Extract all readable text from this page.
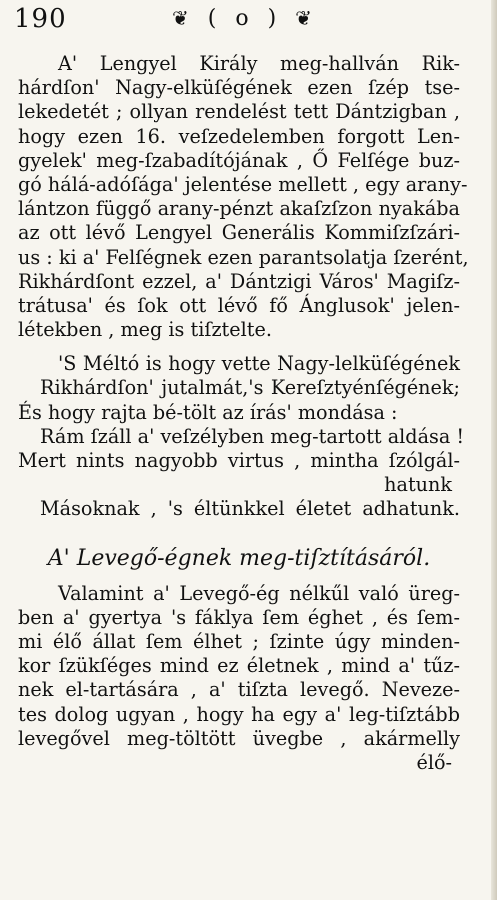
190	❦ ( o ) ❦
A' Lengyel Király meg-hallván Rik-
hárdſon' Nagy-elküſégének ezen ſzép tse-
lekedetét ; ollyan rendelést tett Dántzigban ,
hogy ezen 16. veſzedelemben forgott Len-
gyelek' meg-ſzabadítójának , Ő Felſége buz-
gó hálá-adóſága' jelentése mellett , egy arany-
lántzon függő arany-pénzt akaſzſzon nyakába
az ott lévő Lengyel Generális Kommiſzſzári-
us : ki a' Felſégnek ezen parantsolatja ſzerént,
Rikhárdſont ezzel, a' Dántzigi Város' Magiſz-
trátusa' és ſok ott lévő fő Ánglusok' jelen-
létekben , meg is tiſztelte.
'S Méltó is hogy vette Nagy-lelküſégének
Rikhárdſon' jutalmát,'s Kereſztyénſégének;
És hogy rajta bé-tölt az írás' mondása :
Rám ſzáll a' veſzélyben meg-tartott aldása !
Mert nints nagyobb virtus , mintha ſzólgál-
hatunk
Másoknak , 's éltünkkel életet adhatunk.
A' Levegő-égnek meg-tiſztításáról.
Valamint a' Levegő-ég nélkűl való üreg-
ben a' gyertya 's fáklya ſem éghet , és ſem-
mi élő állat ſem élhet ; ſzinte úgy minden-
kor ſzükſéges mind ez életnek , mind a' tűz-
nek el-tartására , a' tiſzta levegő. Neveze-
tes dolog ugyan , hogy ha egy a' leg-tiſztább
levegővel meg-töltött üvegbe , akármelly
élő-
